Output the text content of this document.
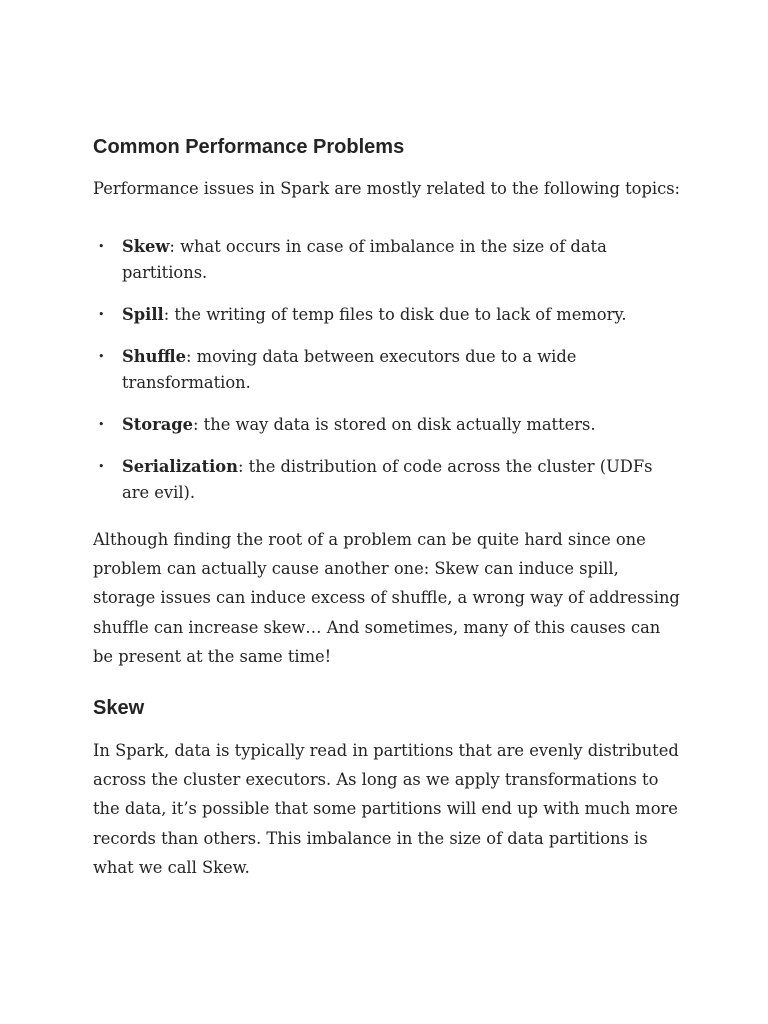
Common Performance Problems

Performance issues in Spark are mostly related to the following topics:

• Skew: what occurs in case of imbalance in the size of data partitions.
• Spill: the writing of temp files to disk due to lack of memory.
• Shuffle: moving data between executors due to a wide transformation.
• Storage: the way data is stored on disk actually matters.
• Serialization: the distribution of code across the cluster (UDFs are evil).

Although finding the root of a problem can be quite hard since one problem can actually cause another one: Skew can induce spill, storage issues can induce excess of shuffle, a wrong way of addressing shuffle can increase skew… And sometimes, many of this causes can be present at the same time!

Skew

In Spark, data is typically read in partitions that are evenly distributed across the cluster executors. As long as we apply transformations to the data, it’s possible that some partitions will end up with much more records than others. This imbalance in the size of data partitions is what we call Skew.
